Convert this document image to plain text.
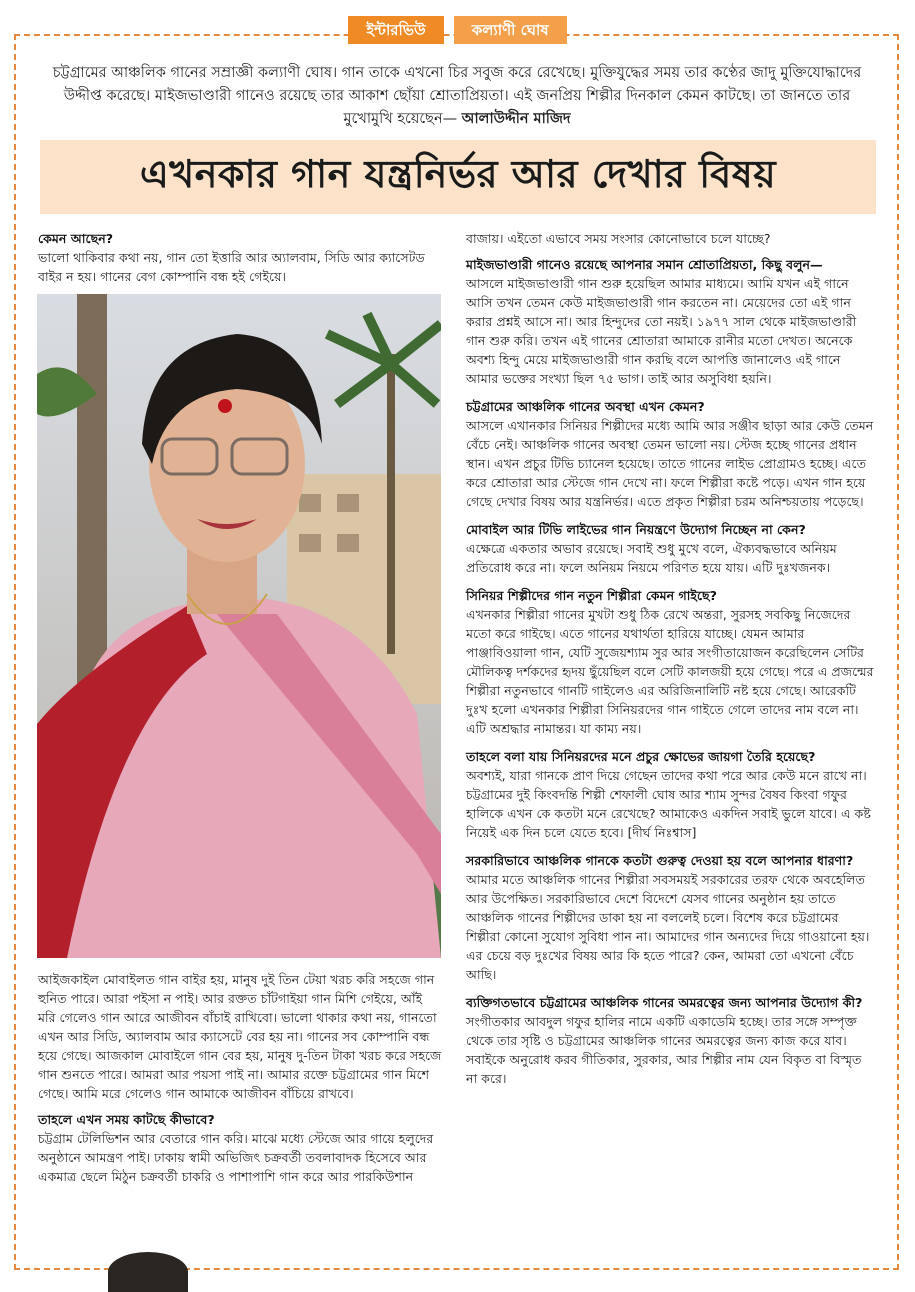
ইন্টারভিউ	কল্যাণী ঘোষ
চট্টগ্রামের আঞ্চলিক গানের সম্রাজ্ঞী কল্যাণী ঘোষ। গান তাকে এখনো চির সবুজ করে রেখেছে। মুক্তিযুদ্ধের সময় তার কণ্ঠের জাদু মুক্তিযোদ্ধাদের উদ্দীপ্ত করেছে। মাইজভাণ্ডারী গানেও রয়েছে তার আকাশ ছোঁয়া শ্রোতাপ্রিয়তা। এই জনপ্রিয় শিল্পীর দিনকাল কেমন কাটছে। তা জানতে তার মুখোমুখি হয়েছেন— আলাউদ্দীন মাজিদ
এখনকার গান যন্ত্রনির্ভর আর দেখার বিষয়
কেমন আছেন?
ভালো থাকিবার কথা নয়, গান তো ইত্তারি আর অ্যালবাম, সিডি আর ক্যাসেটড বাইর ন হয়। গানের বেগ কোম্পানি বন্ধ হই গেইয়ে।
আইজকাইল মোবাইলত গান বাইর হয়, মানুষ দুই তিন টেয়া খরচ করি সহজে গান হুনিত পারে। আরা পইসা ন পাই। আর রক্তত চাঁটগাইয়া গান মিশি গেইয়ে, আঁই মরি গেলেও গান আরে আজীবন বাঁচাই রাখিবো। ভালো থাকার কথা নয়, গানতো এখন আর সিডি, অ্যালবাম আর ক্যাসেটে বের হয় না। গানের সব কোম্পানি বন্ধ হয়ে গেছে। আজকাল মোবাইলে গান বের হয়, মানুষ দু-তিন টাকা খরচ করে সহজে গান শুনতে পারে। আমরা আর পয়সা পাই না। আমার রক্তে চট্টগ্রামের গান মিশে গেছে। আমি মরে গেলেও গান আমাকে আজীবন বাঁচিয়ে রাখবে।
তাহলে এখন সময় কাটছে কীভাবে?
চট্টগ্রাম টেলিভিশন আর বেতারে গান করি। মাঝে মধ্যে স্টেজে আর গায়ে হলুদের অনুষ্ঠানে আমন্ত্রণ পাই। ঢাকায় স্বামী অভিজিৎ চক্রবর্তী তবলাবাদক হিসেবে আর একমাত্র ছেলে মিঠুন চক্রবর্তী চাকরি ও পাশাপাশি গান করে আর পারকিউশান
বাজায়। এইতো এভাবে সময় সংসার কোনোভাবে চলে যাচ্ছে?
মাইজভাণ্ডারী গানেও রয়েছে আপনার সমান শ্রোতাপ্রিয়তা, কিছু বলুন—
আসলে মাইজভাণ্ডারী গান শুরু হয়েছিল আমার মাধ্যমে। আমি যখন এই গানে আসি তখন তেমন কেউ মাইজভাণ্ডারী গান করতেন না। মেয়েদের তো এই গান করার প্রশ্নই আসে না। আর হিন্দুদের তো নয়ই। ১৯৭৭ সাল থেকে মাইজভাণ্ডারী গান শুরু করি। তখন এই গানের শ্রোতারা আমাকে রানীর মতো দেখত। অনেকে অবশ্য হিন্দু মেয়ে মাইজভাণ্ডারী গান করছি বলে আপত্তি জানালেও এই গানে আমার ভক্তের সংখ্যা ছিল ৭৫ ভাগ। তাই আর অসুবিধা হয়নি।
চট্টগ্রামের আঞ্চলিক গানের অবস্থা এখন কেমন?
আসলে এখানকার সিনিয়র শিল্পীদের মধ্যে আমি আর সঞ্জীব ছাড়া আর কেউ তেমন বেঁচে নেই। আঞ্চলিক গানের অবস্থা তেমন ভালো নয়। স্টেজ হচ্ছে গানের প্রধান স্থান। এখন প্রচুর টিভি চ্যানেল হয়েছে। তাতে গানের লাইভ প্রোগ্রামও হচ্ছে। এতে করে শ্রোতারা আর স্টেজে গান দেখে না। ফলে শিল্পীরা কষ্টে পড়ে। এখন গান হয়ে গেছে দেখার বিষয় আর যন্ত্রনির্ভর। এতে প্রকৃত শিল্পীরা চরম অনিশ্চয়তায় পড়েছে।
মোবাইল আর টিভি লাইভের গান নিয়ন্ত্রণে উদ্যোগ নিচ্ছেন না কেন?
এক্ষেত্রে একতার অভাব রয়েছে। সবাই শুধু মুখে বলে, ঐক্যবদ্ধভাবে অনিয়ম প্রতিরোধ করে না। ফলে অনিয়ম নিয়মে পরিণত হয়ে যায়। এটি দুঃখজনক।
সিনিয়র শিল্পীদের গান নতুন শিল্পীরা কেমন গাইছে?
এখনকার শিল্পীরা গানের মুখটা শুধু ঠিক রেখে অন্তরা, সুরসহ সবকিছু নিজেদের মতো করে গাইছে। এতে গানের যথার্থতা হারিয়ে যাচ্ছে। যেমন আমার পাঞ্জাবিওয়ালা গান, যেটি সুজেয়শ্যাম সুর আর সংগীতায়োজন করেছিলেন সেটির মৌলিকত্ব দর্শকদের হৃদয় ছুঁয়েছিল বলে সেটি কালজয়ী হয়ে গেছে। পরে এ প্রজন্মের শিল্পীরা নতুনভাবে গানটি গাইলেও এর অরিজিনালিটি নষ্ট হয়ে গেছে। আরেকটি দুঃখ হলো এখনকার শিল্পীরা সিনিয়রদের গান গাইতে গেলে তাদের নাম বলে না। এটি অশ্রদ্ধার নামান্তর। যা কাম্য নয়।
তাহলে বলা যায় সিনিয়রদের মনে প্রচুর ক্ষোভের জায়গা তৈরি হয়েছে?
অবশ্যই, যারা গানকে প্রাণ দিয়ে গেছেন তাদের কথা পরে আর কেউ মনে রাখে না। চট্টগ্রামের দুই কিংবদন্তি শিল্পী শেফালী ঘোষ আর শ্যাম সুন্দর বৈষব কিংবা গফুর হালিকে এখন কে কতটা মনে রেখেছে? আমাকেও একদিন সবাই ভুলে যাবে। এ কষ্ট নিয়েই এক দিন চলে যেতে হবে। [দীর্ঘ নিঃশ্বাস]
সরকারিভাবে আঞ্চলিক গানকে কতটা গুরুত্ব দেওয়া হয় বলে আপনার ধারণা?
আমার মতে আঞ্চলিক গানের শিল্পীরা সবসময়ই সরকারের তরফ থেকে অবহেলিত আর উপেক্ষিত। সরকারিভাবে দেশে বিদেশে যেসব গানের অনুষ্ঠান হয় তাতে আঞ্চলিক গানের শিল্পীদের ডাকা হয় না বললেই চলে। বিশেষ করে চট্টগ্রামের শিল্পীরা কোনো সুযোগ সুবিধা পান না। আমাদের গান অন্যদের দিয়ে গাওয়ানো হয়। এর চেয়ে বড় দুঃখের বিষয় আর কি হতে পারে? কেন, আমরা তো এখনো বেঁচে আছি।
ব্যক্তিগতভাবে চট্টগ্রামের আঞ্চলিক গানের অমরত্বের জন্য আপনার উদ্যোগ কী?
সংগীতকার আবদুল গফুর হালির নামে একটি একাডেমি হচ্ছে। তার সঙ্গে সম্পৃক্ত থেকে তার সৃষ্টি ও চট্টগ্রামের আঞ্চলিক গানের অমরত্বের জন্য কাজ করে যাব। সবাইকে অনুরোধ করব গীতিকার, সুরকার, আর শিল্পীর নাম যেন বিকৃত বা বিস্মৃত না করে।
